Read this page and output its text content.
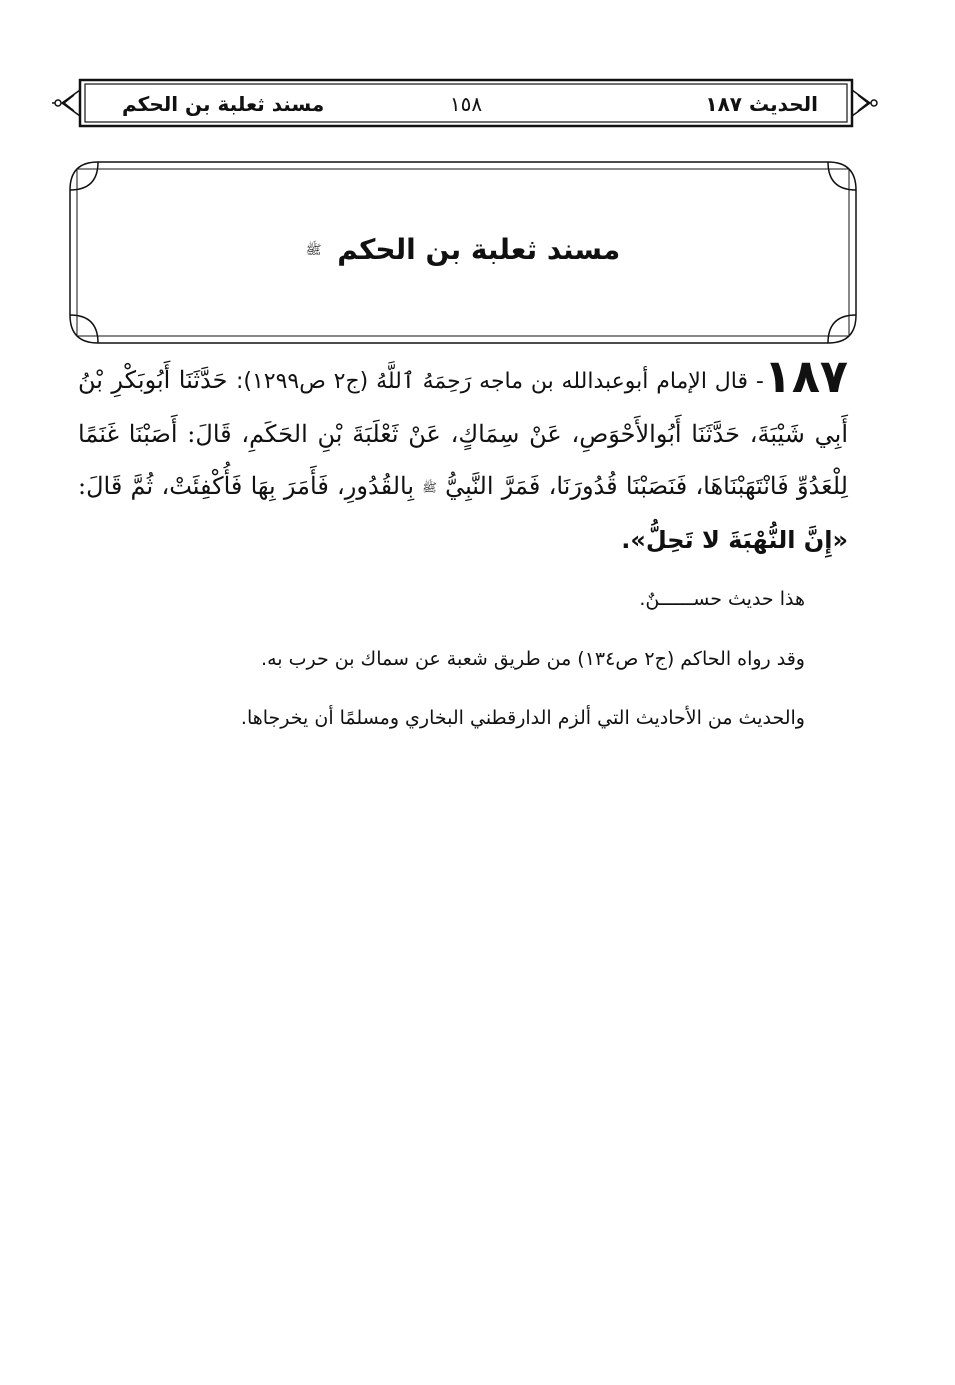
الحديث ١٨٧
١٥٨
مسند ثعلبة بن الحكم
مسند ثعلبة بن الحكم ﷺ
١٨٧- قال الإمام أبوعبدالله بن ماجه رَحِمَهُ ٱللَّهُ (ج٢ ص١٢٩٩): حَدَّثَنَا أَبُوبَكْرِ بْنُ أَبِي شَيْبَةَ، حَدَّثَنَا أَبُوالأَحْوَصِ، عَنْ سِمَاكٍ، عَنْ ثَعْلَبَةَ بْنِ الحَكَمِ، قَالَ: أَصَبْنَا غَنَمًا لِلْعَدُوِّ فَانْتَهَبْنَاهَا، فَنَصَبْنَا قُدُورَنَا، فَمَرَّ النَّبِيُّ ﷺ بِالقُدُورِ، فَأَمَرَ بِهَا فَأُكْفِئَتْ، ثُمَّ قَالَ: «إِنَّ النُّهْبَةَ لا تَحِلُّ».
هذا حديث حســــــنٌ.
وقد رواه الحاكم (ج٢ ص١٣٤) من طريق شعبة عن سماك بن حرب به.
والحديث من الأحاديث التي ألزم الدارقطني البخاري ومسلمًا أن يخرجاها.
